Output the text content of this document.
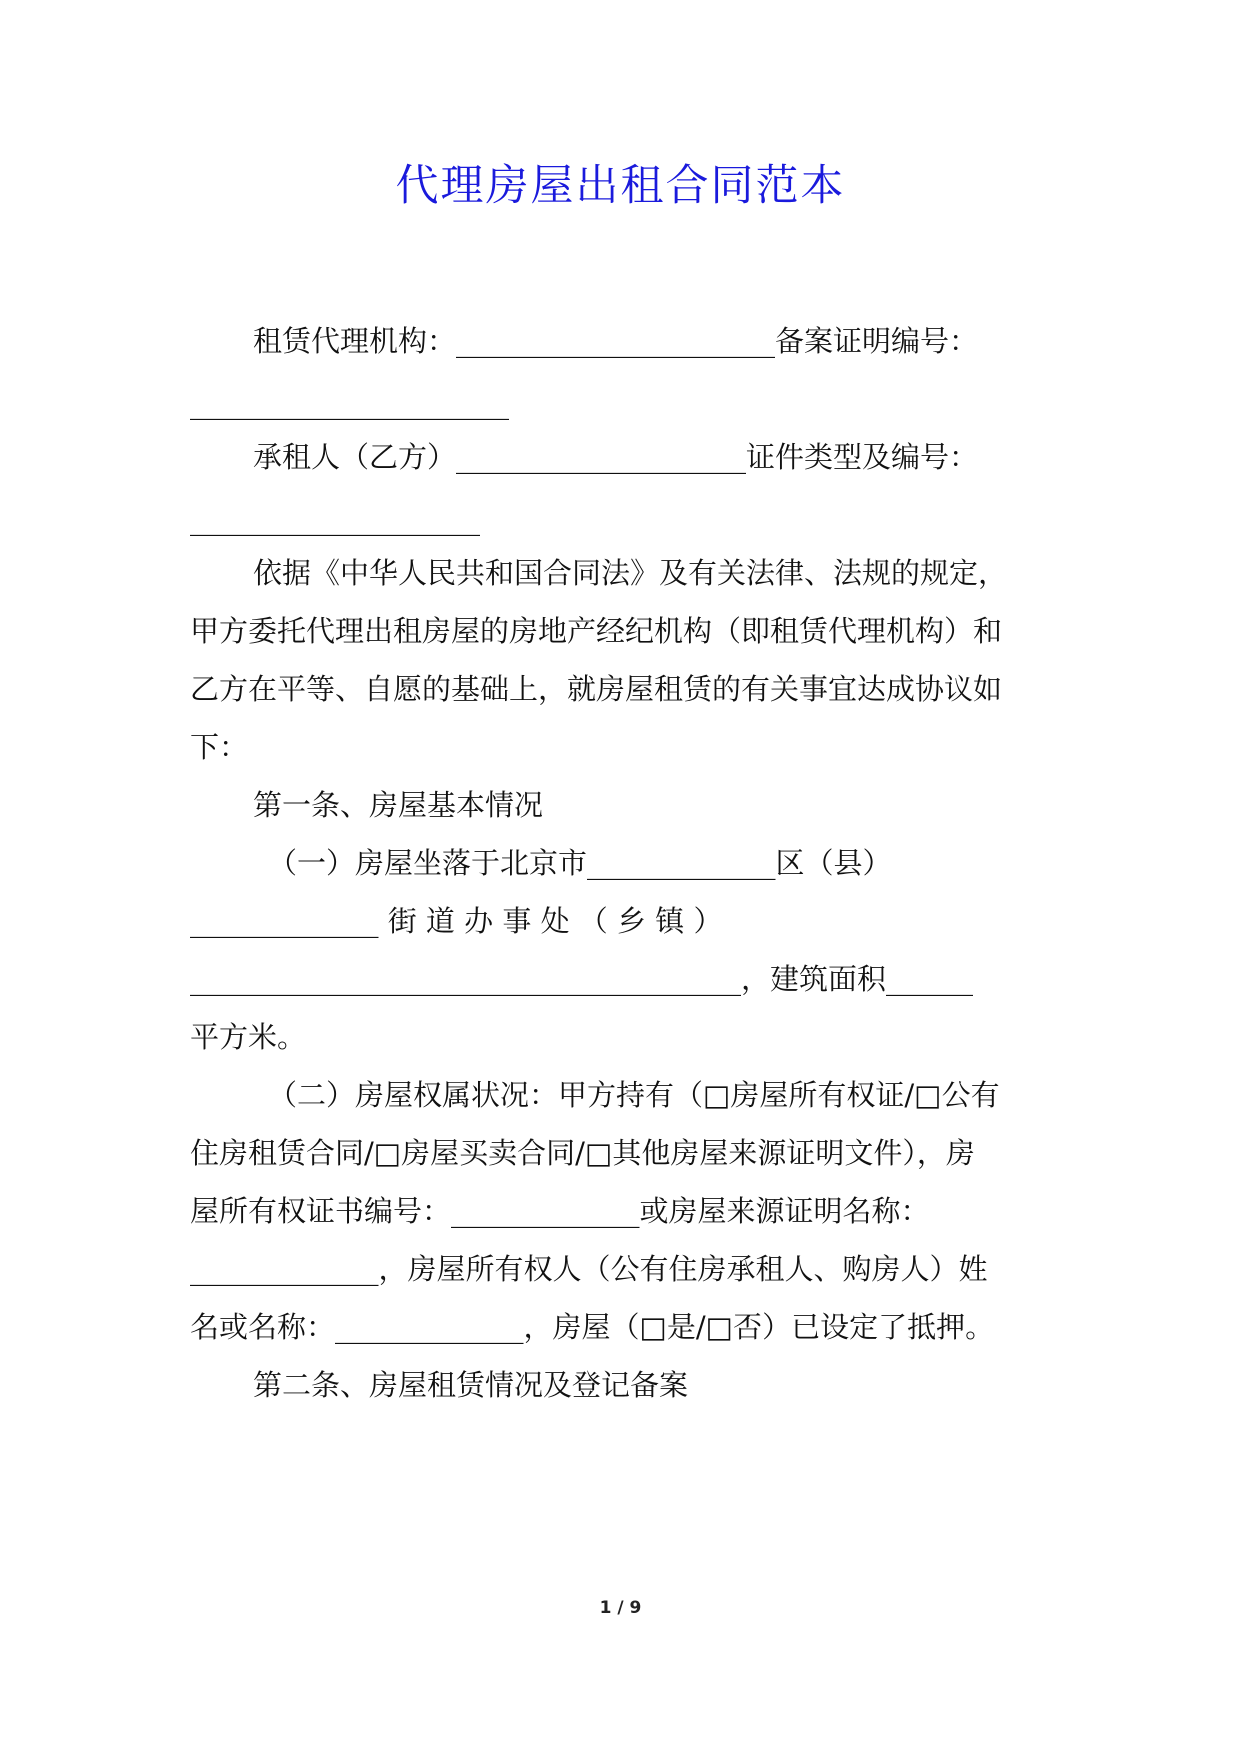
代理房屋出租合同范本

租赁代理机构：______________________备案证明编号：

______________________

承租人（乙方）____________________证件类型及编号：

____________________

依据《中华人民共和国合同法》及有关法律、法规的规定，

甲方委托代理出租房屋的房地产经纪机构（即租赁代理机构）和

乙方在平等、自愿的基础上，就房屋租赁的有关事宜达成协议如

下：

第一条、房屋基本情况

（一）房屋坐落于北京市_____________区（县）

_____________ 街 道 办 事 处 （ 乡 镇 ）

______________________________________，建筑面积______

平方米。

（二）房屋权属状况：甲方持有（□房屋所有权证/□公有

住房租赁合同/□房屋买卖合同/□其他房屋来源证明文件），房

屋所有权证书编号：_____________或房屋来源证明名称：

_____________，房屋所有权人（公有住房承租人、购房人）姓

名或名称：_____________，房屋（□是/□否）已设定了抵押。

第二条、房屋租赁情况及登记备案

1 / 9
